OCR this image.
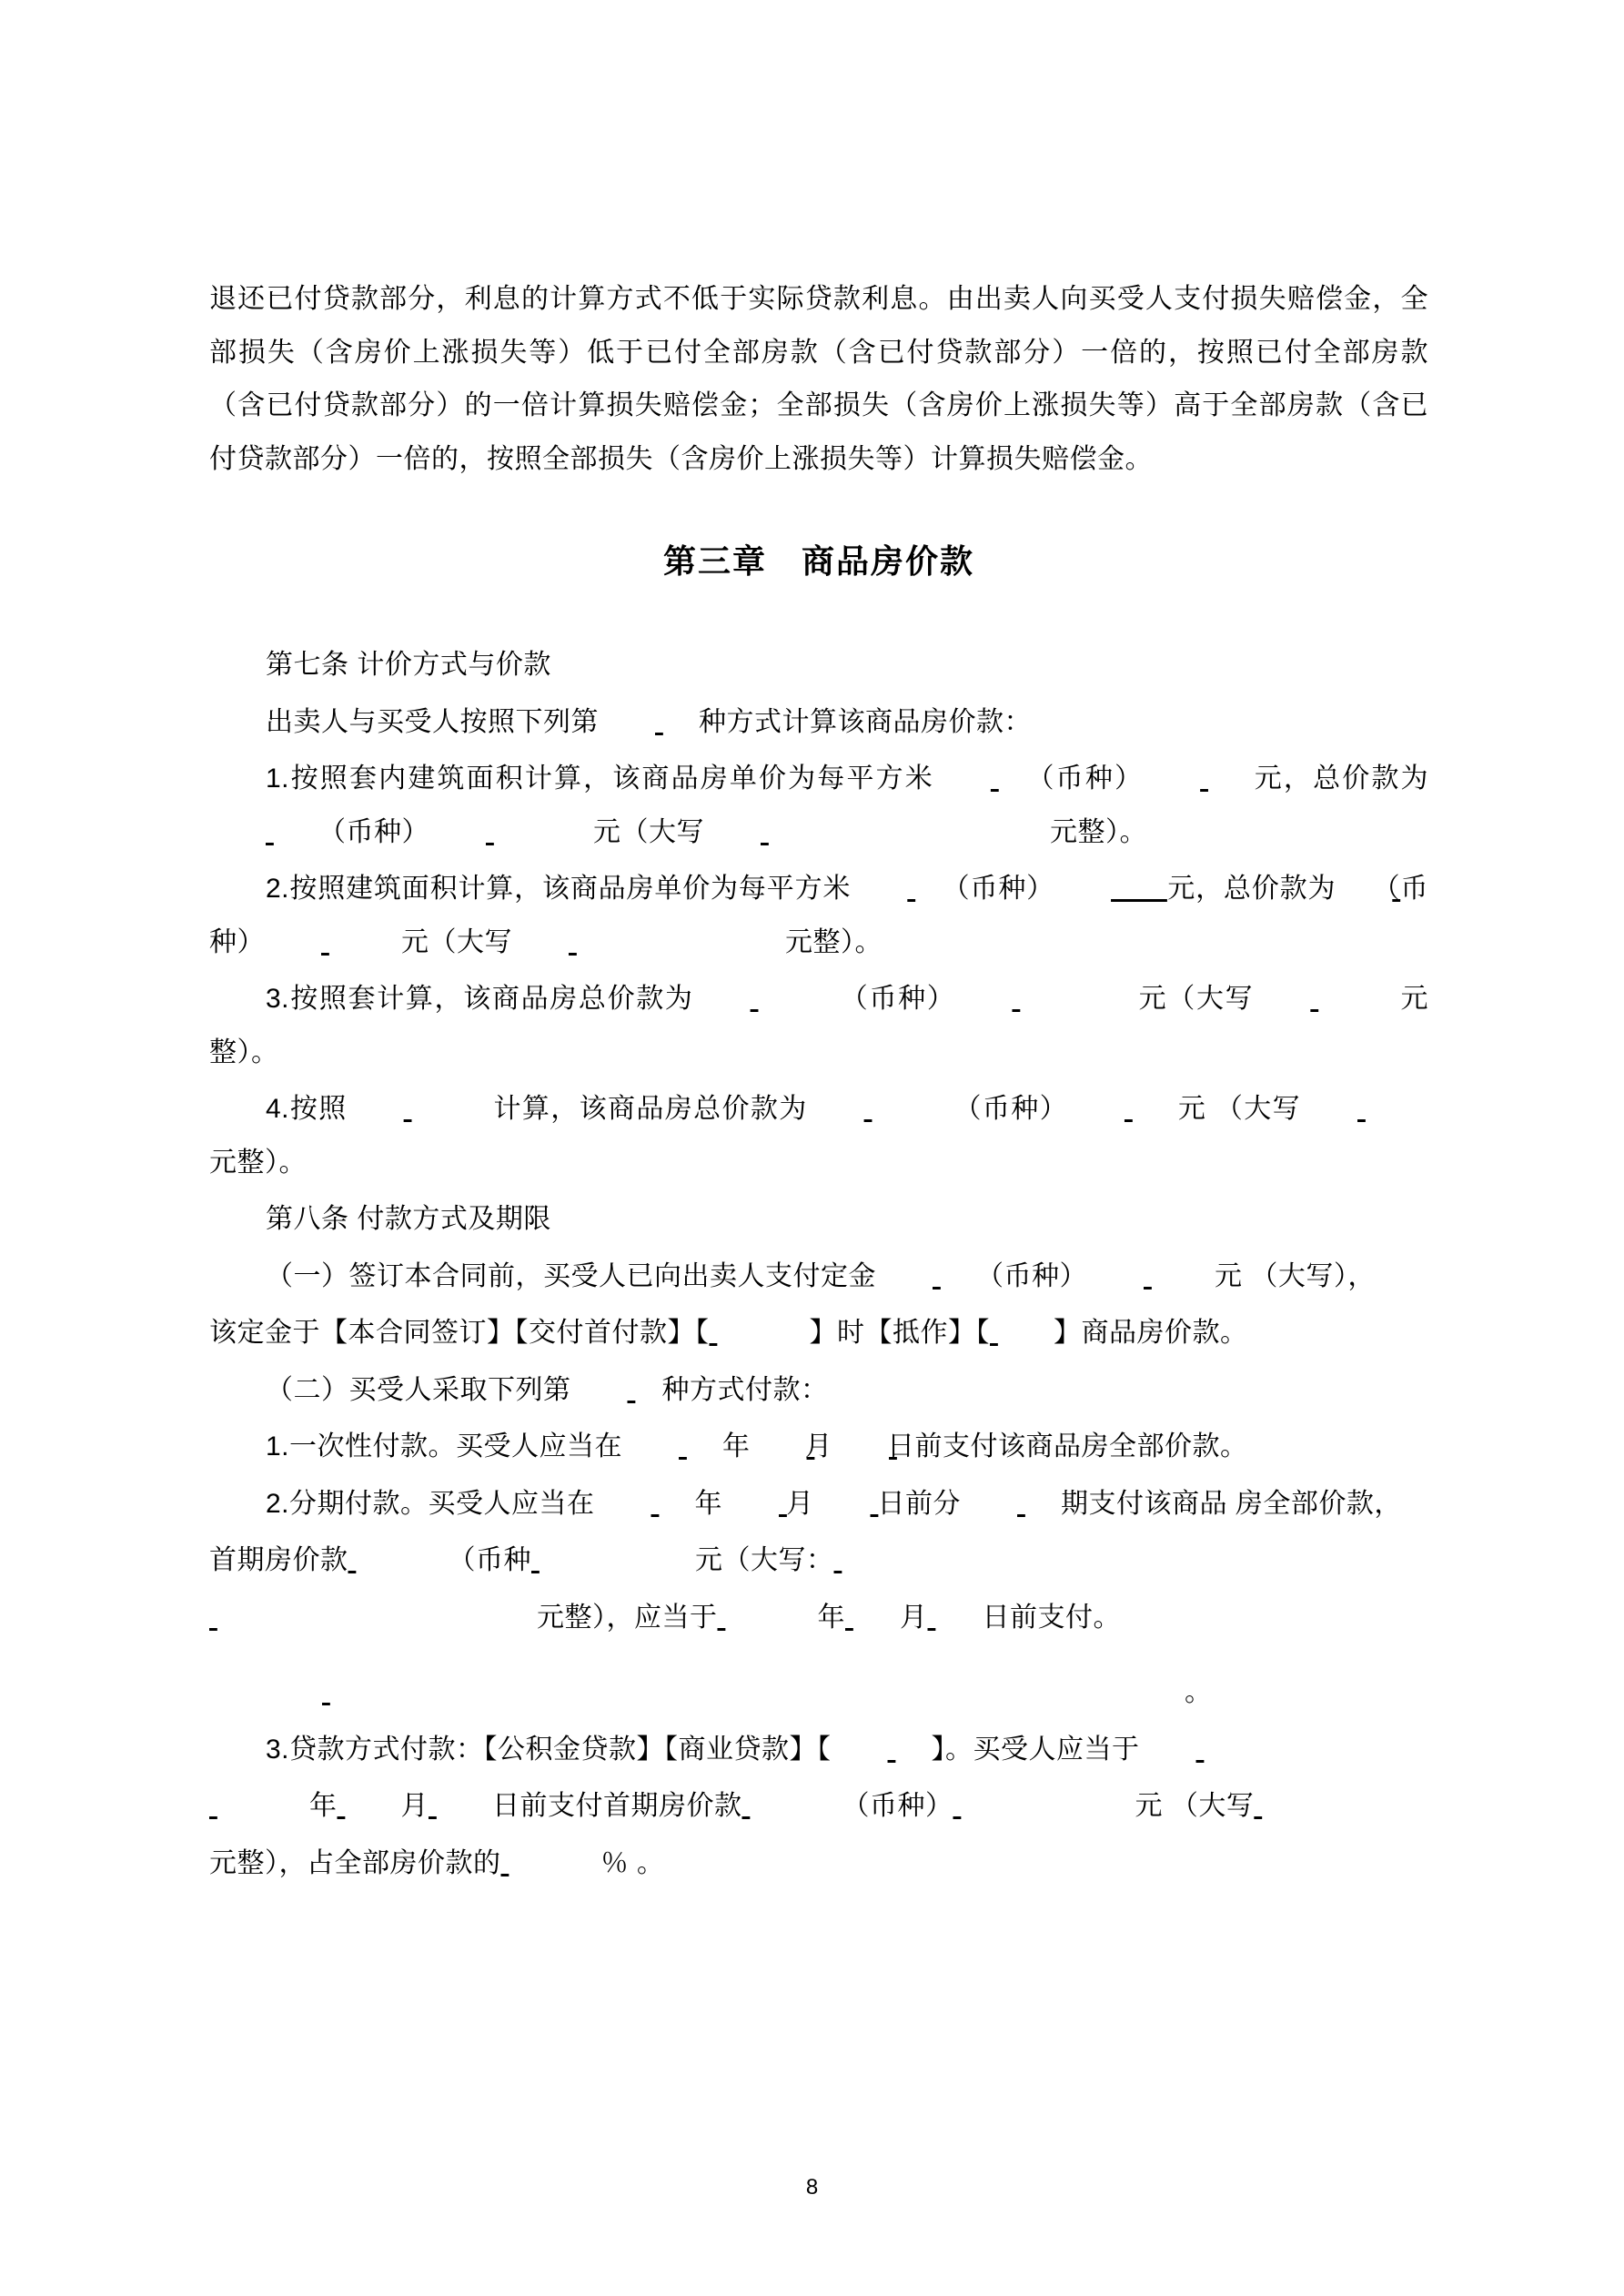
退还已付贷款部分，利息的计算方式不低于实际贷款利息。由出卖人向买受人支付损失赔偿金，全部损失（含房价上涨损失等）低于已付全部房款（含已付贷款部分）一倍的，按照已付全部房款（含已付贷款部分）的一倍计算损失赔偿金；全部损失（含房价上涨损失等）高于全部房款（含已付贷款部分）一倍的，按照全部损失（含房价上涨损失等）计算损失赔偿金。

第三章　商品房价款

第七条 计价方式与价款

出卖人与买受人按照下列第	种方式计算该商品房价款：

1.按照套内建筑面积计算，该商品房单价为每平方米	（币种）	元，总价款为 （币种）	元（大写	元整）。

2.按照建筑面积计算，该商品房单价为每平方米	（币种）	元，总价款为 （币种）	元（大写	元整）。

3.按照套计算，该商品房总价款为	（币种）	元（大写	元整）。

4.按照	计算，该商品房总价款为	（币种）	元 （大写 元整）。

第八条 付款方式及期限

（一）签订本合同前，买受人已向出卖人支付定金	（币种）	元 （大写），

该定金于【本合同签订】【交付首付款】【	】时【抵作】【 】商品房价款。

（二）买受人采取下列第	种方式付款：

1.一次性付款。买受人应当在	年 月 日前支付该商品房全部价款。

2.分期付款。买受人应当在	年 月 日前分	期支付该商品 房全部价款，

首期房价款	（币种	元（大写：

元整），应当于	年 月 日前支付。

。

3.贷款方式付款：【公积金贷款】【商业贷款】【	】。买受人应当于

年 月 日前支付首期房价款	（币种）	元 （大写

元整），占全部房价款的	％ 。

8
